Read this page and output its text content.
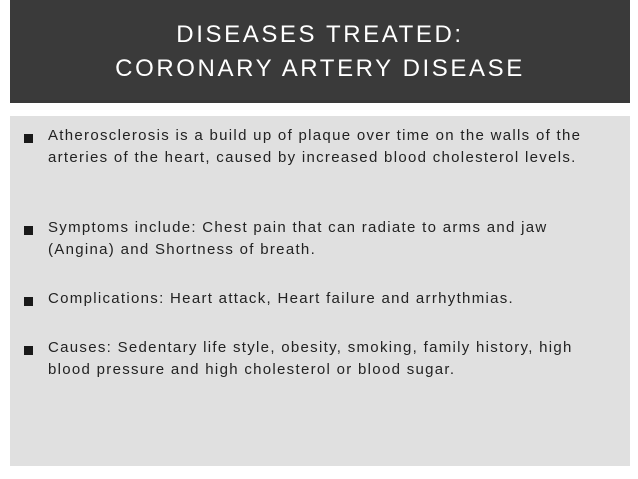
DISEASES TREATED:
CORONARY ARTERY DISEASE
Atherosclerosis is a build up of plaque over time on the walls of the arteries of the heart, caused by increased blood cholesterol levels.
Symptoms include: Chest pain that can radiate to arms and jaw (Angina) and Shortness of breath.
Complications: Heart attack, Heart failure and arrhythmias.
Causes: Sedentary life style, obesity, smoking, family history, high blood pressure and high cholesterol or blood sugar.
